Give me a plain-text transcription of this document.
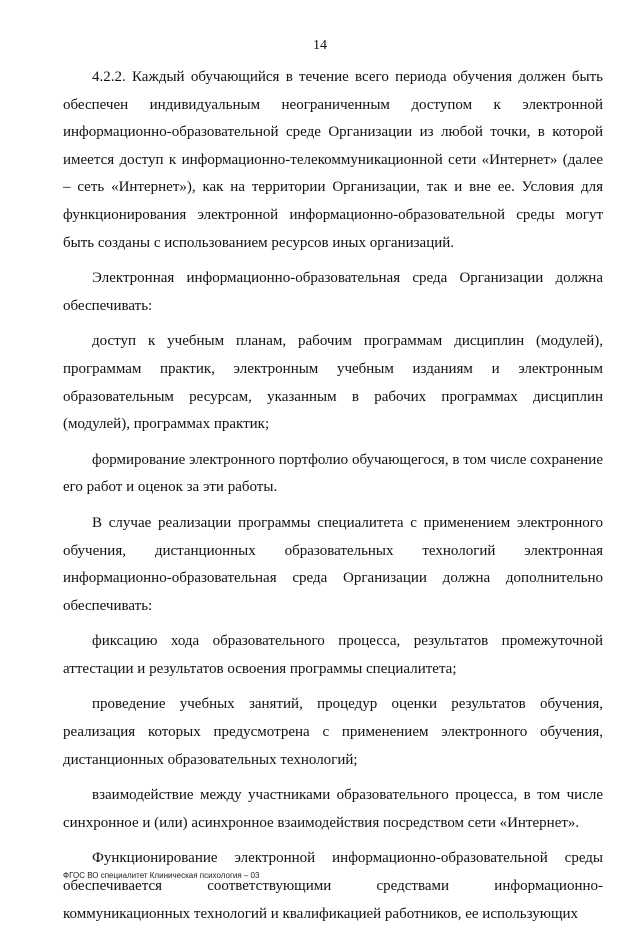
14

4.2.2. Каждый обучающийся в течение всего периода обучения должен быть обеспечен индивидуальным неограниченным доступом к электронной информационно-образовательной среде Организации из любой точки, в которой имеется доступ к информационно-телекоммуникационной сети «Интернет» (далее – сеть «Интернет»), как на территории Организации, так и вне ее. Условия для функционирования электронной информационно-образовательной среды могут быть созданы с использованием ресурсов иных организаций.

Электронная информационно-образовательная среда Организации должна обеспечивать:

доступ к учебным планам, рабочим программам дисциплин (модулей), программам практик, электронным учебным изданиям и электронным образовательным ресурсам, указанным в рабочих программах дисциплин (модулей), программах практик;

формирование электронного портфолио обучающегося, в том числе сохранение его работ и оценок за эти работы.

В случае реализации программы специалитета с применением электронного обучения, дистанционных образовательных технологий электронная информационно-образовательная среда Организации должна дополнительно обеспечивать:

фиксацию хода образовательного процесса, результатов промежуточной аттестации и результатов освоения программы специалитета;

проведение учебных занятий, процедур оценки результатов обучения, реализация которых предусмотрена с применением электронного обучения, дистанционных образовательных технологий;

взаимодействие между участниками образовательного процесса, в том числе синхронное и (или) асинхронное взаимодействия посредством сети «Интернет».

Функционирование электронной информационно-образовательной среды обеспечивается соответствующими средствами информационно-коммуникационных технологий и квалификацией работников, ее использующих

ФГОС ВО специалитет Клиническая психология – 03
